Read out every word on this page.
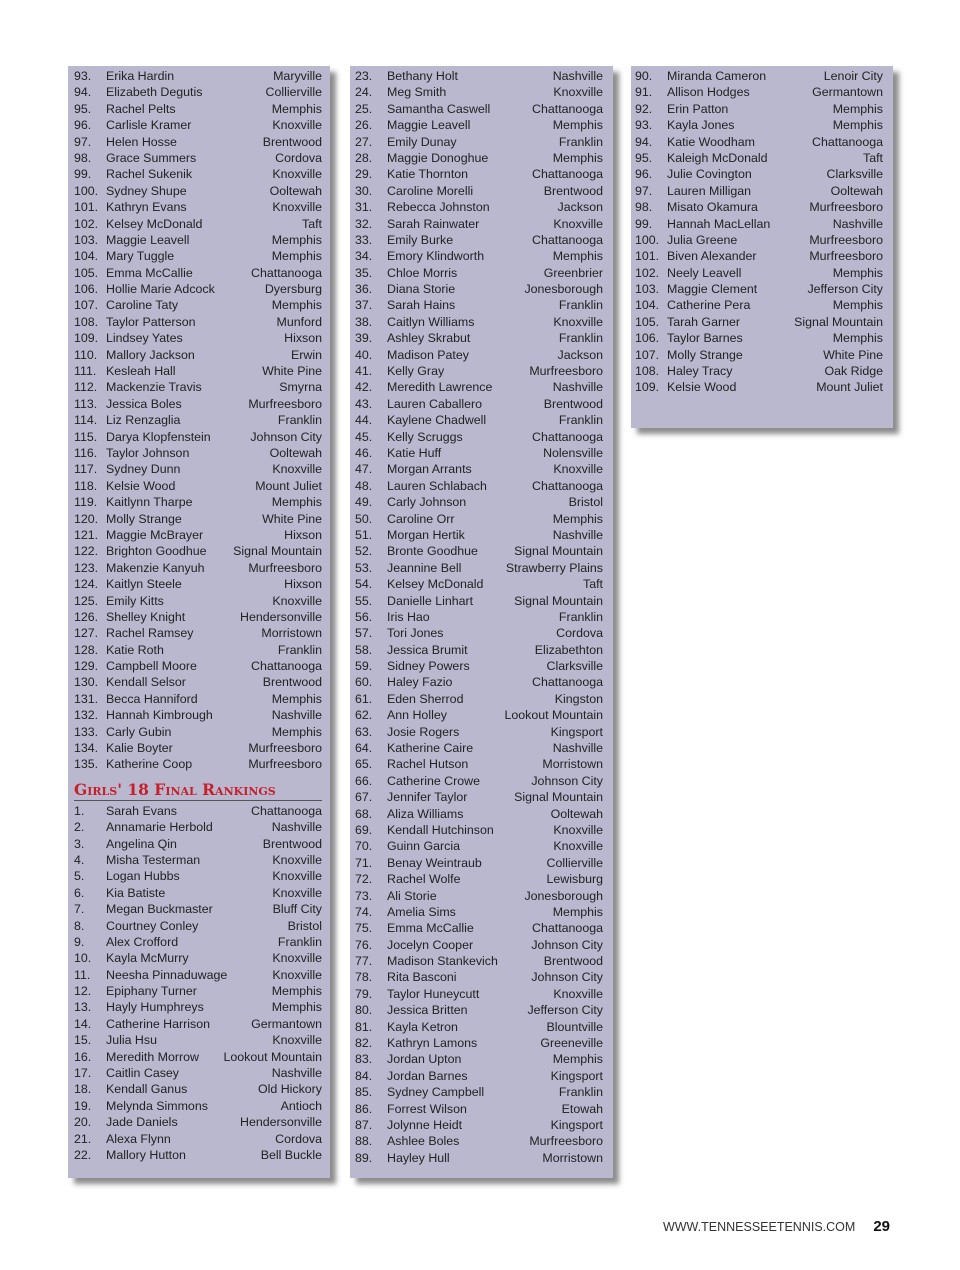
93.	Erika Hardin	Maryville
94.	Elizabeth Degutis	Collierville
95.	Rachel Pelts	Memphis
96.	Carlisle Kramer	Knoxville
97.	Helen Hosse	Brentwood
98.	Grace Summers	Cordova
99.	Rachel Sukenik	Knoxville
100. Sydney Shupe	Ooltewah
101. Kathryn Evans	Knoxville
102. Kelsey McDonald	Taft
103. Maggie Leavell	Memphis
104. Mary Tuggle	Memphis
105. Emma McCallie	Chattanooga
106. Hollie Marie Adcock	Dyersburg
107. Caroline Taty	Memphis
108. Taylor Patterson	Munford
109. Lindsey Yates	Hixson
110. Mallory Jackson	Erwin
111. Kesleah Hall	White Pine
112. Mackenzie Travis	Smyrna
113. Jessica Boles	Murfreesboro
114. Liz Renzaglia	Franklin
115. Darya Klopfenstein	Johnson City
116. Taylor Johnson	Ooltewah
117. Sydney Dunn	Knoxville
118. Kelsie Wood	Mount Juliet
119. Kaitlynn Tharpe	Memphis
120. Molly Strange	White Pine
121. Maggie McBrayer	Hixson
122. Brighton Goodhue	Signal Mountain
123. Makenzie Kanyuh	Murfreesboro
124. Kaitlyn Steele	Hixson
125. Emily Kitts	Knoxville
126. Shelley Knight	Hendersonville
127. Rachel Ramsey	Morristown
128. Katie Roth	Franklin
129. Campbell Moore	Chattanooga
130. Kendall Selsor	Brentwood
131. Becca Hanniford	Memphis
132. Hannah Kimbrough	Nashville
133. Carly Gubin	Memphis
134. Kalie Boyter	Murfreesboro
135. Katherine Coop	Murfreesboro
Girls' 18 Final Rankings
1.	Sarah Evans	Chattanooga
2.	Annamarie Herbold	Nashville
3.	Angelina Qin	Brentwood
4.	Misha Testerman	Knoxville
5.	Logan Hubbs	Knoxville
6.	Kia Batiste	Knoxville
7.	Megan Buckmaster	Bluff City
8.	Courtney Conley	Bristol
9.	Alex Crofford	Franklin
10.	Kayla McMurry	Knoxville
11.	Neesha Pinnaduwage	Knoxville
12.	Epiphany Turner	Memphis
13.	Hayly Humphreys	Memphis
14.	Catherine Harrison	Germantown
15.	Julia Hsu	Knoxville
16.	Meredith Morrow	Lookout Mountain
17.	Caitlin Casey	Nashville
18.	Kendall Ganus	Old Hickory
19.	Melynda Simmons	Antioch
20.	Jade Daniels	Hendersonville
21.	Alexa Flynn	Cordova
22.	Mallory Hutton	Bell Buckle
23.	Bethany Holt	Nashville
24.	Meg Smith	Knoxville
25.	Samantha Caswell	Chattanooga
26.	Maggie Leavell	Memphis
27.	Emily Dunay	Franklin
28.	Maggie Donoghue	Memphis
29.	Katie Thornton	Chattanooga
30.	Caroline Morelli	Brentwood
31.	Rebecca Johnston	Jackson
32.	Sarah Rainwater	Knoxville
33.	Emily Burke	Chattanooga
34.	Emory Klindworth	Memphis
35.	Chloe Morris	Greenbrier
36.	Diana Storie	Jonesborough
37.	Sarah Hains	Franklin
38.	Caitlyn Williams	Knoxville
39.	Ashley Skrabut	Franklin
40.	Madison Patey	Jackson
41.	Kelly Gray	Murfreesboro
42.	Meredith Lawrence	Nashville
43.	Lauren Caballero	Brentwood
44.	Kaylene Chadwell	Franklin
45.	Kelly Scruggs	Chattanooga
46.	Katie Huff	Nolensville
47.	Morgan Arrants	Knoxville
48.	Lauren Schlabach	Chattanooga
49.	Carly Johnson	Bristol
50.	Caroline Orr	Memphis
51.	Morgan Hertik	Nashville
52.	Bronte Goodhue	Signal Mountain
53.	Jeannine Bell	Strawberry Plains
54.	Kelsey McDonald	Taft
55.	Danielle Linhart	Signal Mountain
56.	Iris Hao	Franklin
57.	Tori Jones	Cordova
58.	Jessica Brumit	Elizabethton
59.	Sidney Powers	Clarksville
60.	Haley Fazio	Chattanooga
61.	Eden Sherrod	Kingston
62.	Ann Holley	Lookout Mountain
63.	Josie Rogers	Kingsport
64.	Katherine Caire	Nashville
65.	Rachel Hutson	Morristown
66.	Catherine Crowe	Johnson City
67.	Jennifer Taylor	Signal Mountain
68.	Aliza Williams	Ooltewah
69.	Kendall Hutchinson	Knoxville
70.	Guinn Garcia	Knoxville
71.	Benay Weintraub	Collierville
72.	Rachel Wolfe	Lewisburg
73.	Ali Storie	Jonesborough
74.	Amelia Sims	Memphis
75.	Emma McCallie	Chattanooga
76.	Jocelyn Cooper	Johnson City
77.	Madison Stankevich	Brentwood
78.	Rita Basconi	Johnson City
79.	Taylor Huneycutt	Knoxville
80.	Jessica Britten	Jefferson City
81.	Kayla Ketron	Blountville
82.	Kathryn Lamons	Greeneville
83.	Jordan Upton	Memphis
84.	Jordan Barnes	Kingsport
85.	Sydney Campbell	Franklin
86.	Forrest Wilson	Etowah
87.	Jolynne Heidt	Kingsport
88.	Ashlee Boles	Murfreesboro
89.	Hayley Hull	Morristown
90.	Miranda Cameron	Lenoir City
91.	Allison Hodges	Germantown
92.	Erin Patton	Memphis
93.	Kayla Jones	Memphis
94.	Katie Woodham	Chattanooga
95.	Kaleigh McDonald	Taft
96.	Julie Covington	Clarksville
97.	Lauren Milligan	Ooltewah
98.	Misato Okamura	Murfreesboro
99.	Hannah MacLellan	Nashville
100. Julia Greene	Murfreesboro
101. Biven Alexander	Murfreesboro
102. Neely Leavell	Memphis
103. Maggie Clement	Jefferson City
104. Catherine Pera	Memphis
105. Tarah Garner	Signal Mountain
106. Taylor Barnes	Memphis
107. Molly Strange	White Pine
108. Haley Tracy	Oak Ridge
109. Kelsie Wood	Mount Juliet
WWW.TENNESSEETENNIS.COM 29
